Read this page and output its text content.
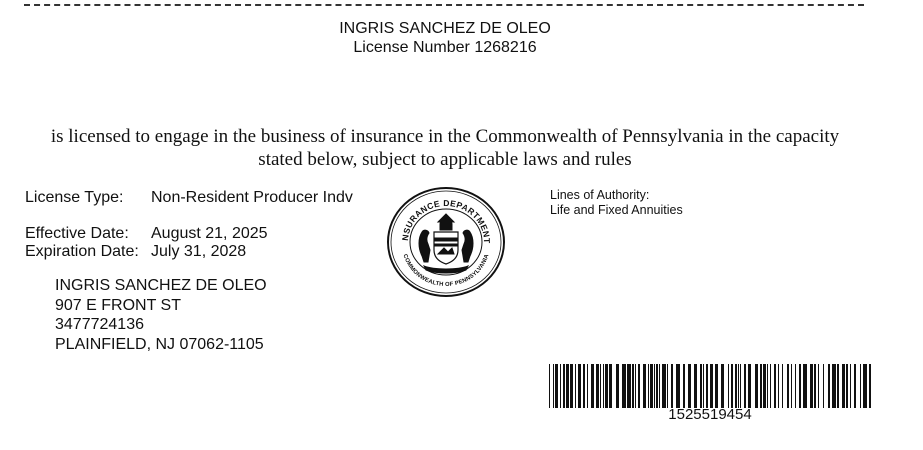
INGRIS SANCHEZ DE OLEO
License Number 1268216
is licensed to engage in the business of insurance in the Commonwealth of Pennsylvania in the capacity
stated below, subject to applicable laws and rules
License Type: Non-Resident Producer Indv
Effective Date: August 21, 2025
Expiration Date: July 31, 2028
INGRIS SANCHEZ DE OLEO
907 E FRONT ST
3477724136
PLAINFIELD, NJ 07062-1105
NSURANCE DEPARTMENT
COMMONWEALTH OF PENNSYLVANIA
Lines of Authority:
Life and Fixed Annuities
1525519454
